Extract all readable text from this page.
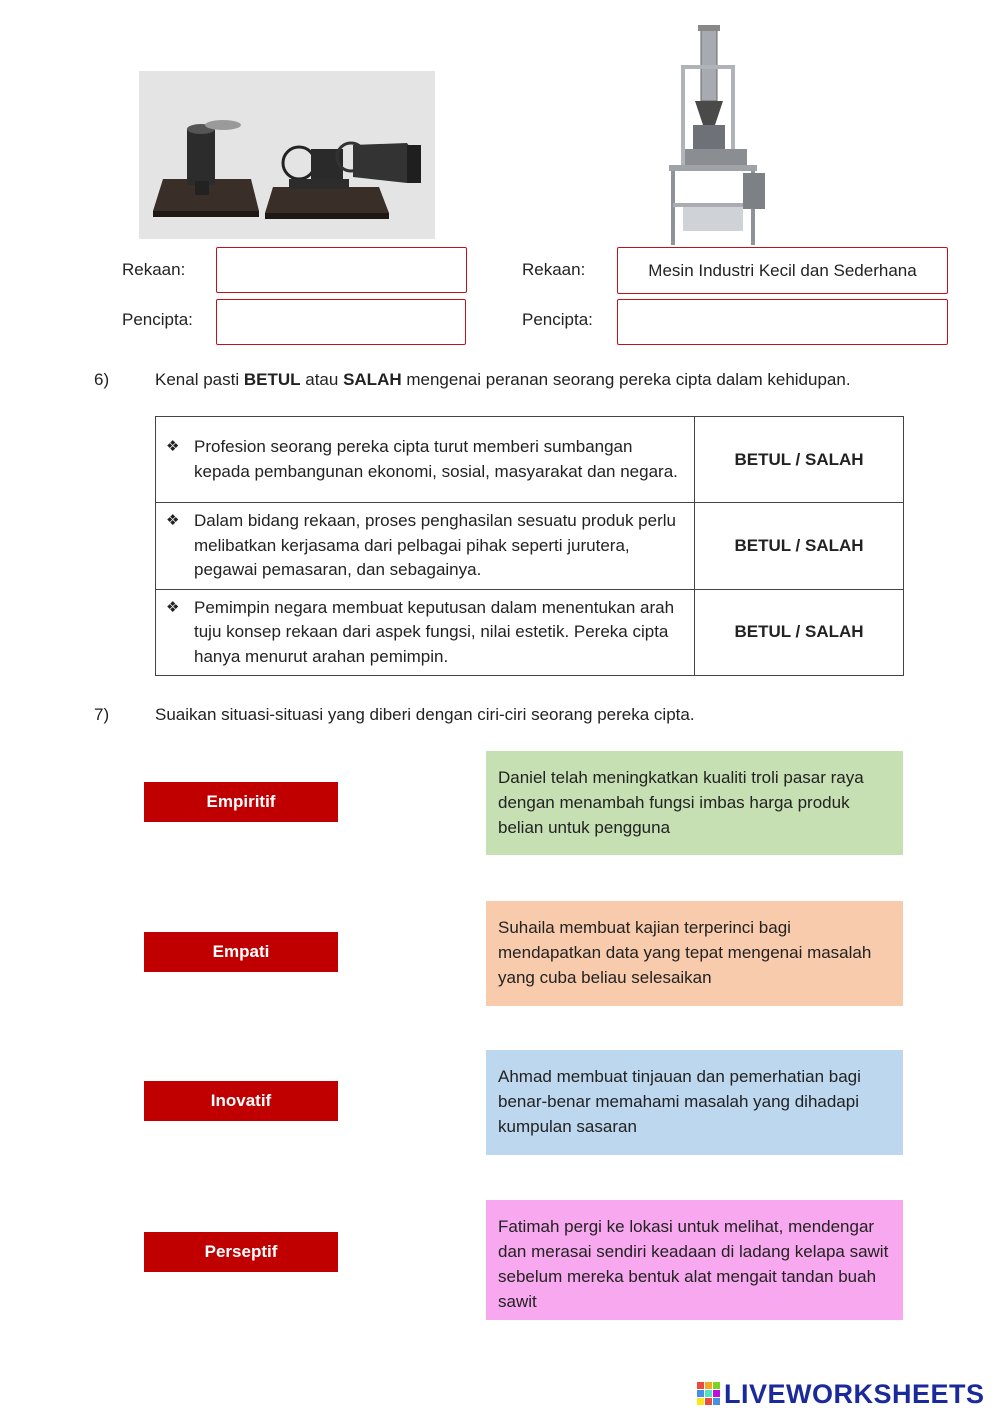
Rekaan:
Pencipta:
Rekaan:	Mesin Industri Kecil dan Sederhana
Pencipta:
6)	Kenal pasti BETUL atau SALAH mengenai peranan seorang pereka cipta dalam kehidupan.
❖ Profesion seorang pereka cipta turut memberi sumbangan kepada pembangunan ekonomi, sosial, masyarakat dan negara.	BETUL / SALAH

❖ Dalam bidang rekaan, proses penghasilan sesuatu produk perlu melibatkan kerjasama dari pelbagai pihak seperti jurutera, pegawai pemasaran, dan sebagainya.	BETUL / SALAH

❖ Pemimpin negara membuat keputusan dalam menentukan arah tuju konsep rekaan dari aspek fungsi, nilai estetik. Pereka cipta hanya menurut arahan pemimpin.	BETUL / SALAH
7)	Suaikan situasi-situasi yang diberi dengan ciri-ciri seorang pereka cipta.
Empiritif
Empati
Inovatif
Perseptif
Daniel telah meningkatkan kualiti troli pasar raya dengan menambah fungsi imbas harga produk belian untuk pengguna
Suhaila membuat kajian terperinci bagi mendapatkan data yang tepat mengenai masalah yang cuba beliau selesaikan
Ahmad membuat tinjauan dan pemerhatian bagi benar-benar memahami masalah yang dihadapi kumpulan sasaran
Fatimah pergi ke lokasi untuk melihat, mendengar dan merasai sendiri keadaan di ladang kelapa sawit sebelum mereka bentuk alat mengait tandan buah sawit
LIVEWORKSHEETS
